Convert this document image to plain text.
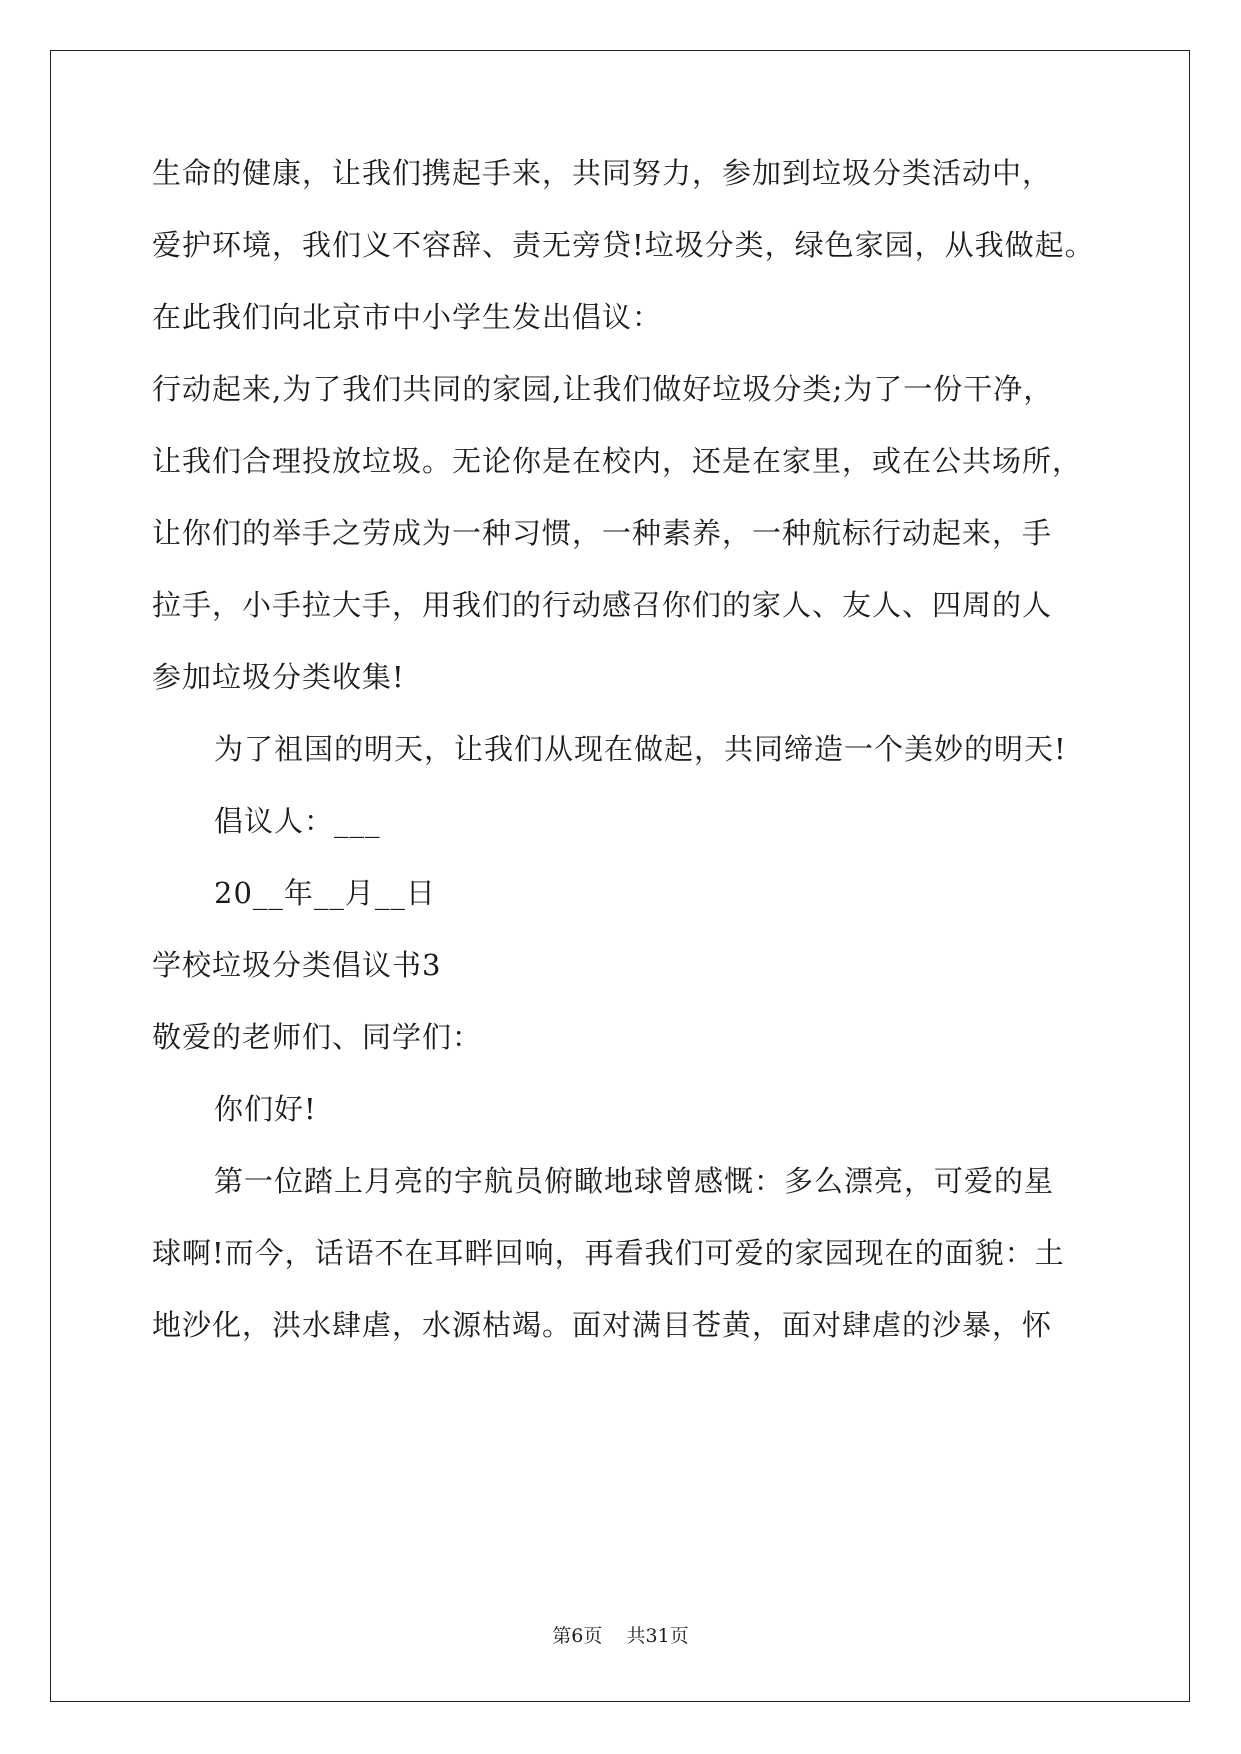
生命的健康，让我们携起手来，共同努力，参加到垃圾分类活动中，
爱护环境，我们义不容辞、责无旁贷!垃圾分类，绿色家园，从我做起。
在此我们向北京市中小学生发出倡议：
行动起来,为了我们共同的家园,让我们做好垃圾分类;为了一份干净，
让我们合理投放垃圾。无论你是在校内，还是在家里，或在公共场所，
让你们的举手之劳成为一种习惯，一种素养，一种航标行动起来，手
拉手，小手拉大手，用我们的行动感召你们的家人、友人、四周的人
参加垃圾分类收集!
为了祖国的明天，让我们从现在做起，共同缔造一个美妙的明天!
倡议人：___
20__年__月__日
学校垃圾分类倡议书3
敬爱的老师们、同学们：
你们好!
第一位踏上月亮的宇航员俯瞰地球曾感慨：多么漂亮，可爱的星
球啊!而今，话语不在耳畔回响，再看我们可爱的家园现在的面貌：土
地沙化，洪水肆虐，水源枯竭。面对满目苍黄，面对肆虐的沙暴，怀
第6页 共31页
